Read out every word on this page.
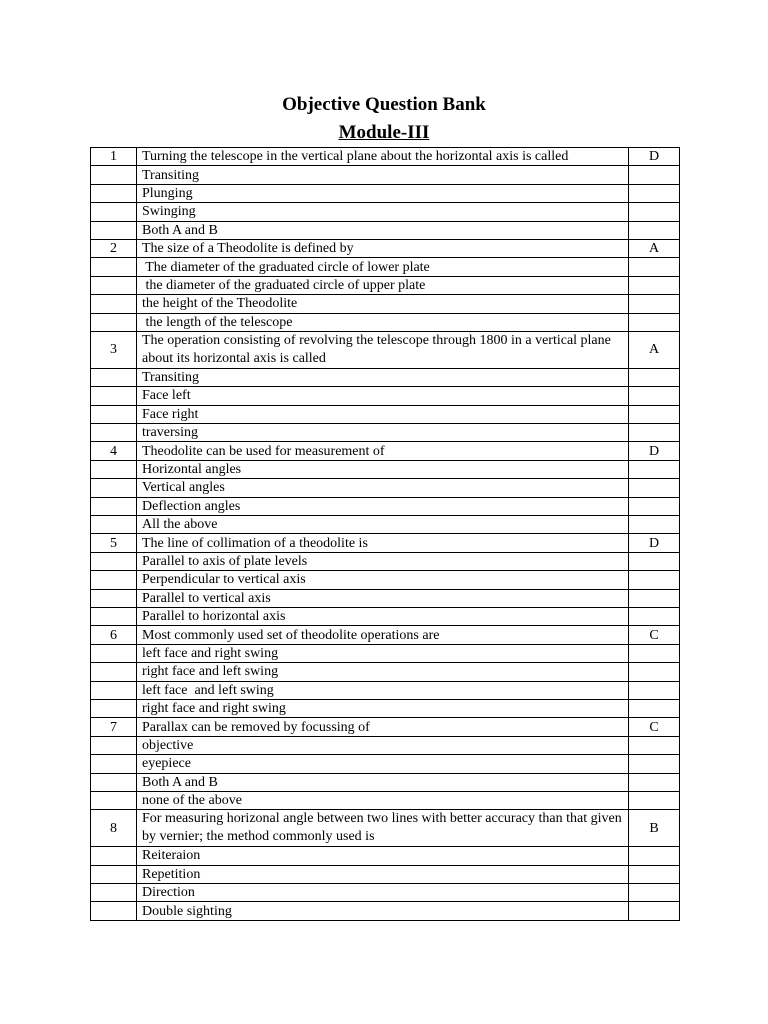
Objective Question Bank
Module-III
1	Turning the telescope in the vertical plane about the horizontal axis is called	D
	Transiting	
	Plunging	
	Swinging	
	Both A and B	
2	The size of a Theodolite is defined by	A
	The diameter of the graduated circle of lower plate	
	the diameter of the graduated circle of upper plate	
	the height of the Theodolite	
	the length of the telescope	
3	The operation consisting of revolving the telescope through 1800 in a vertical plane about its horizontal axis is called	A
	Transiting	
	Face left	
	Face right	
	traversing	
4	Theodolite can be used for measurement of	D
	Horizontal angles	
	Vertical angles	
	Deflection angles	
	All the above	
5	The line of collimation of a theodolite is	D
	Parallel to axis of plate levels	
	Perpendicular to vertical axis	
	Parallel to vertical axis	
	Parallel to horizontal axis	
6	Most commonly used set of theodolite operations are	C
	left face and right swing	
	right face and left swing	
	left face  and left swing	
	right face and right swing	
7	Parallax can be removed by focussing of	C
	objective	
	eyepiece	
	Both A and B	
	none of the above	
8	For measuring horizonal angle between two lines with better accuracy than that given by vernier; the method commonly used is	B
	Reiteraion	
	Repetition	
	Direction	
	Double sighting	
